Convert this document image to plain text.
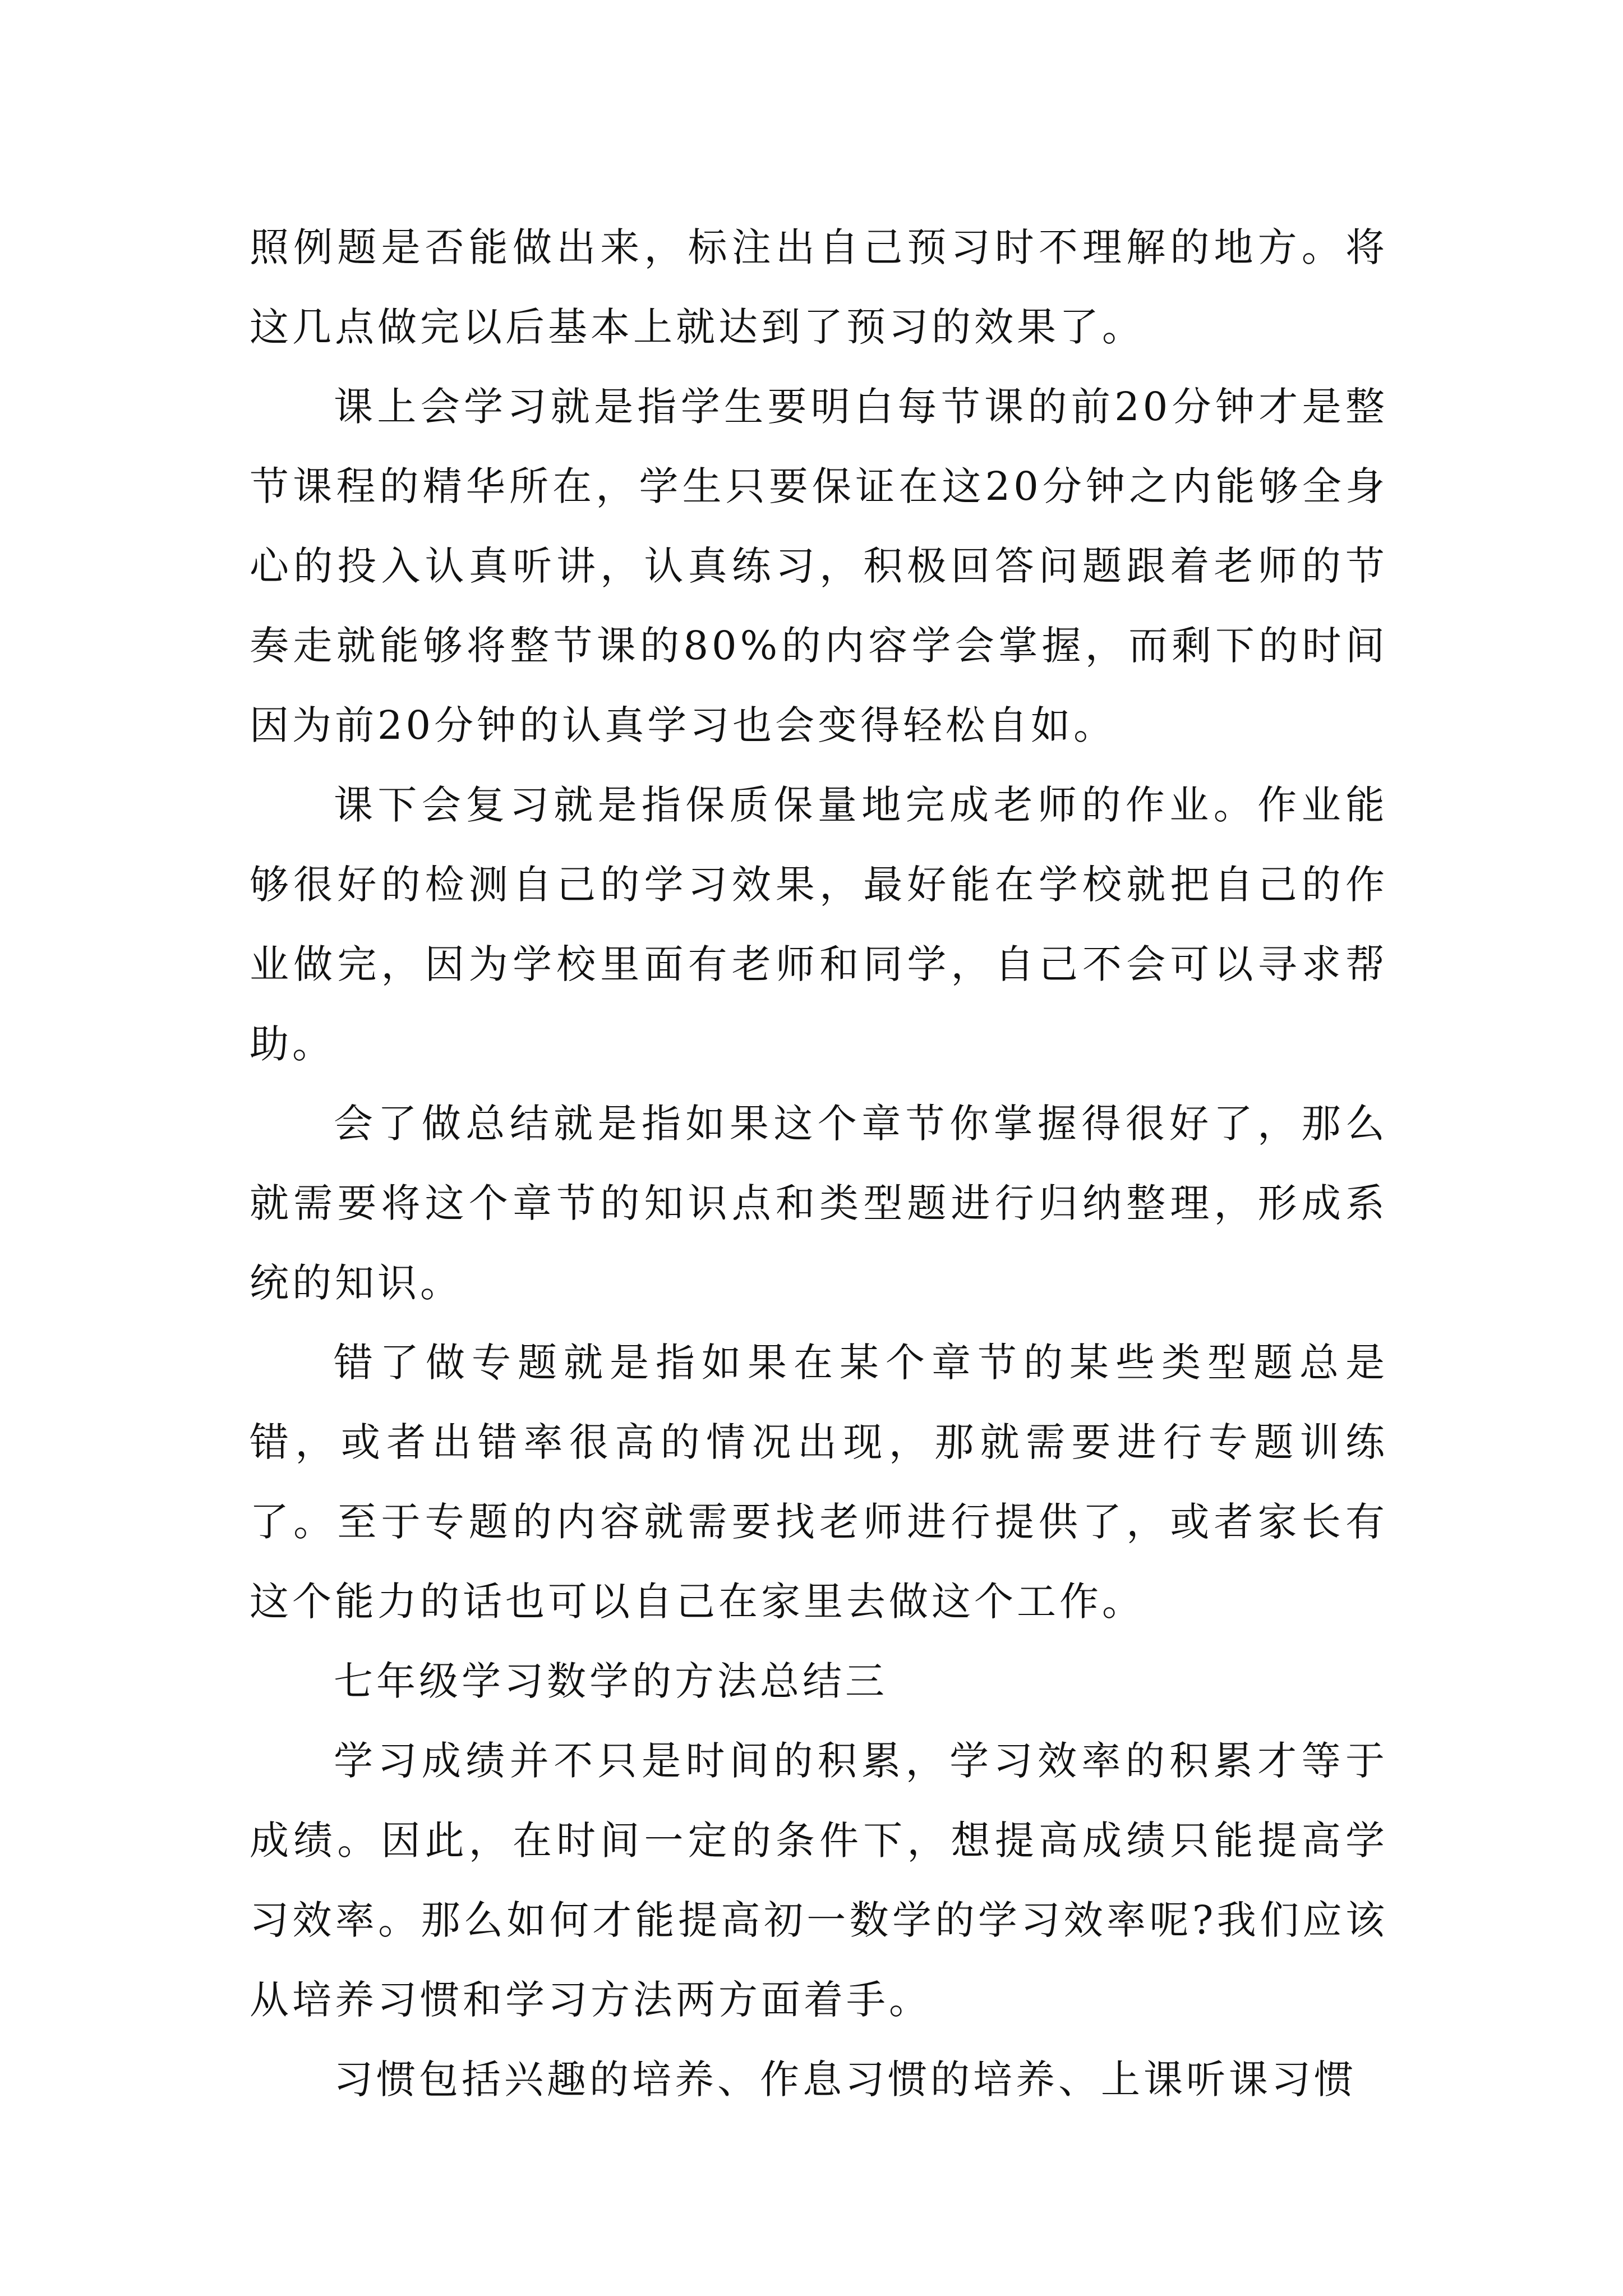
照例题是否能做出来，标注出自己预习时不理解的地方。将这几点做完以后基本上就达到了预习的效果了。

课上会学习就是指学生要明白每节课的前20分钟才是整节课程的精华所在，学生只要保证在这20分钟之内能够全身心的投入认真听讲，认真练习，积极回答问题跟着老师的节奏走就能够将整节课的80%的内容学会掌握，而剩下的时间因为前20分钟的认真学习也会变得轻松自如。

课下会复习就是指保质保量地完成老师的作业。作业能够很好的检测自己的学习效果，最好能在学校就把自己的作业做完，因为学校里面有老师和同学，自己不会可以寻求帮助。

会了做总结就是指如果这个章节你掌握得很好了，那么就需要将这个章节的知识点和类型题进行归纳整理，形成系统的知识。

错了做专题就是指如果在某个章节的某些类型题总是错，或者出错率很高的情况出现，那就需要进行专题训练了。至于专题的内容就需要找老师进行提供了，或者家长有这个能力的话也可以自己在家里去做这个工作。

七年级学习数学的方法总结三

学习成绩并不只是时间的积累，学习效率的积累才等于成绩。因此，在时间一定的条件下，想提高成绩只能提高学习效率。那么如何才能提高初一数学的学习效率呢?我们应该从培养习惯和学习方法两方面着手。

习惯包括兴趣的培养、作息习惯的培养、上课听课习惯
